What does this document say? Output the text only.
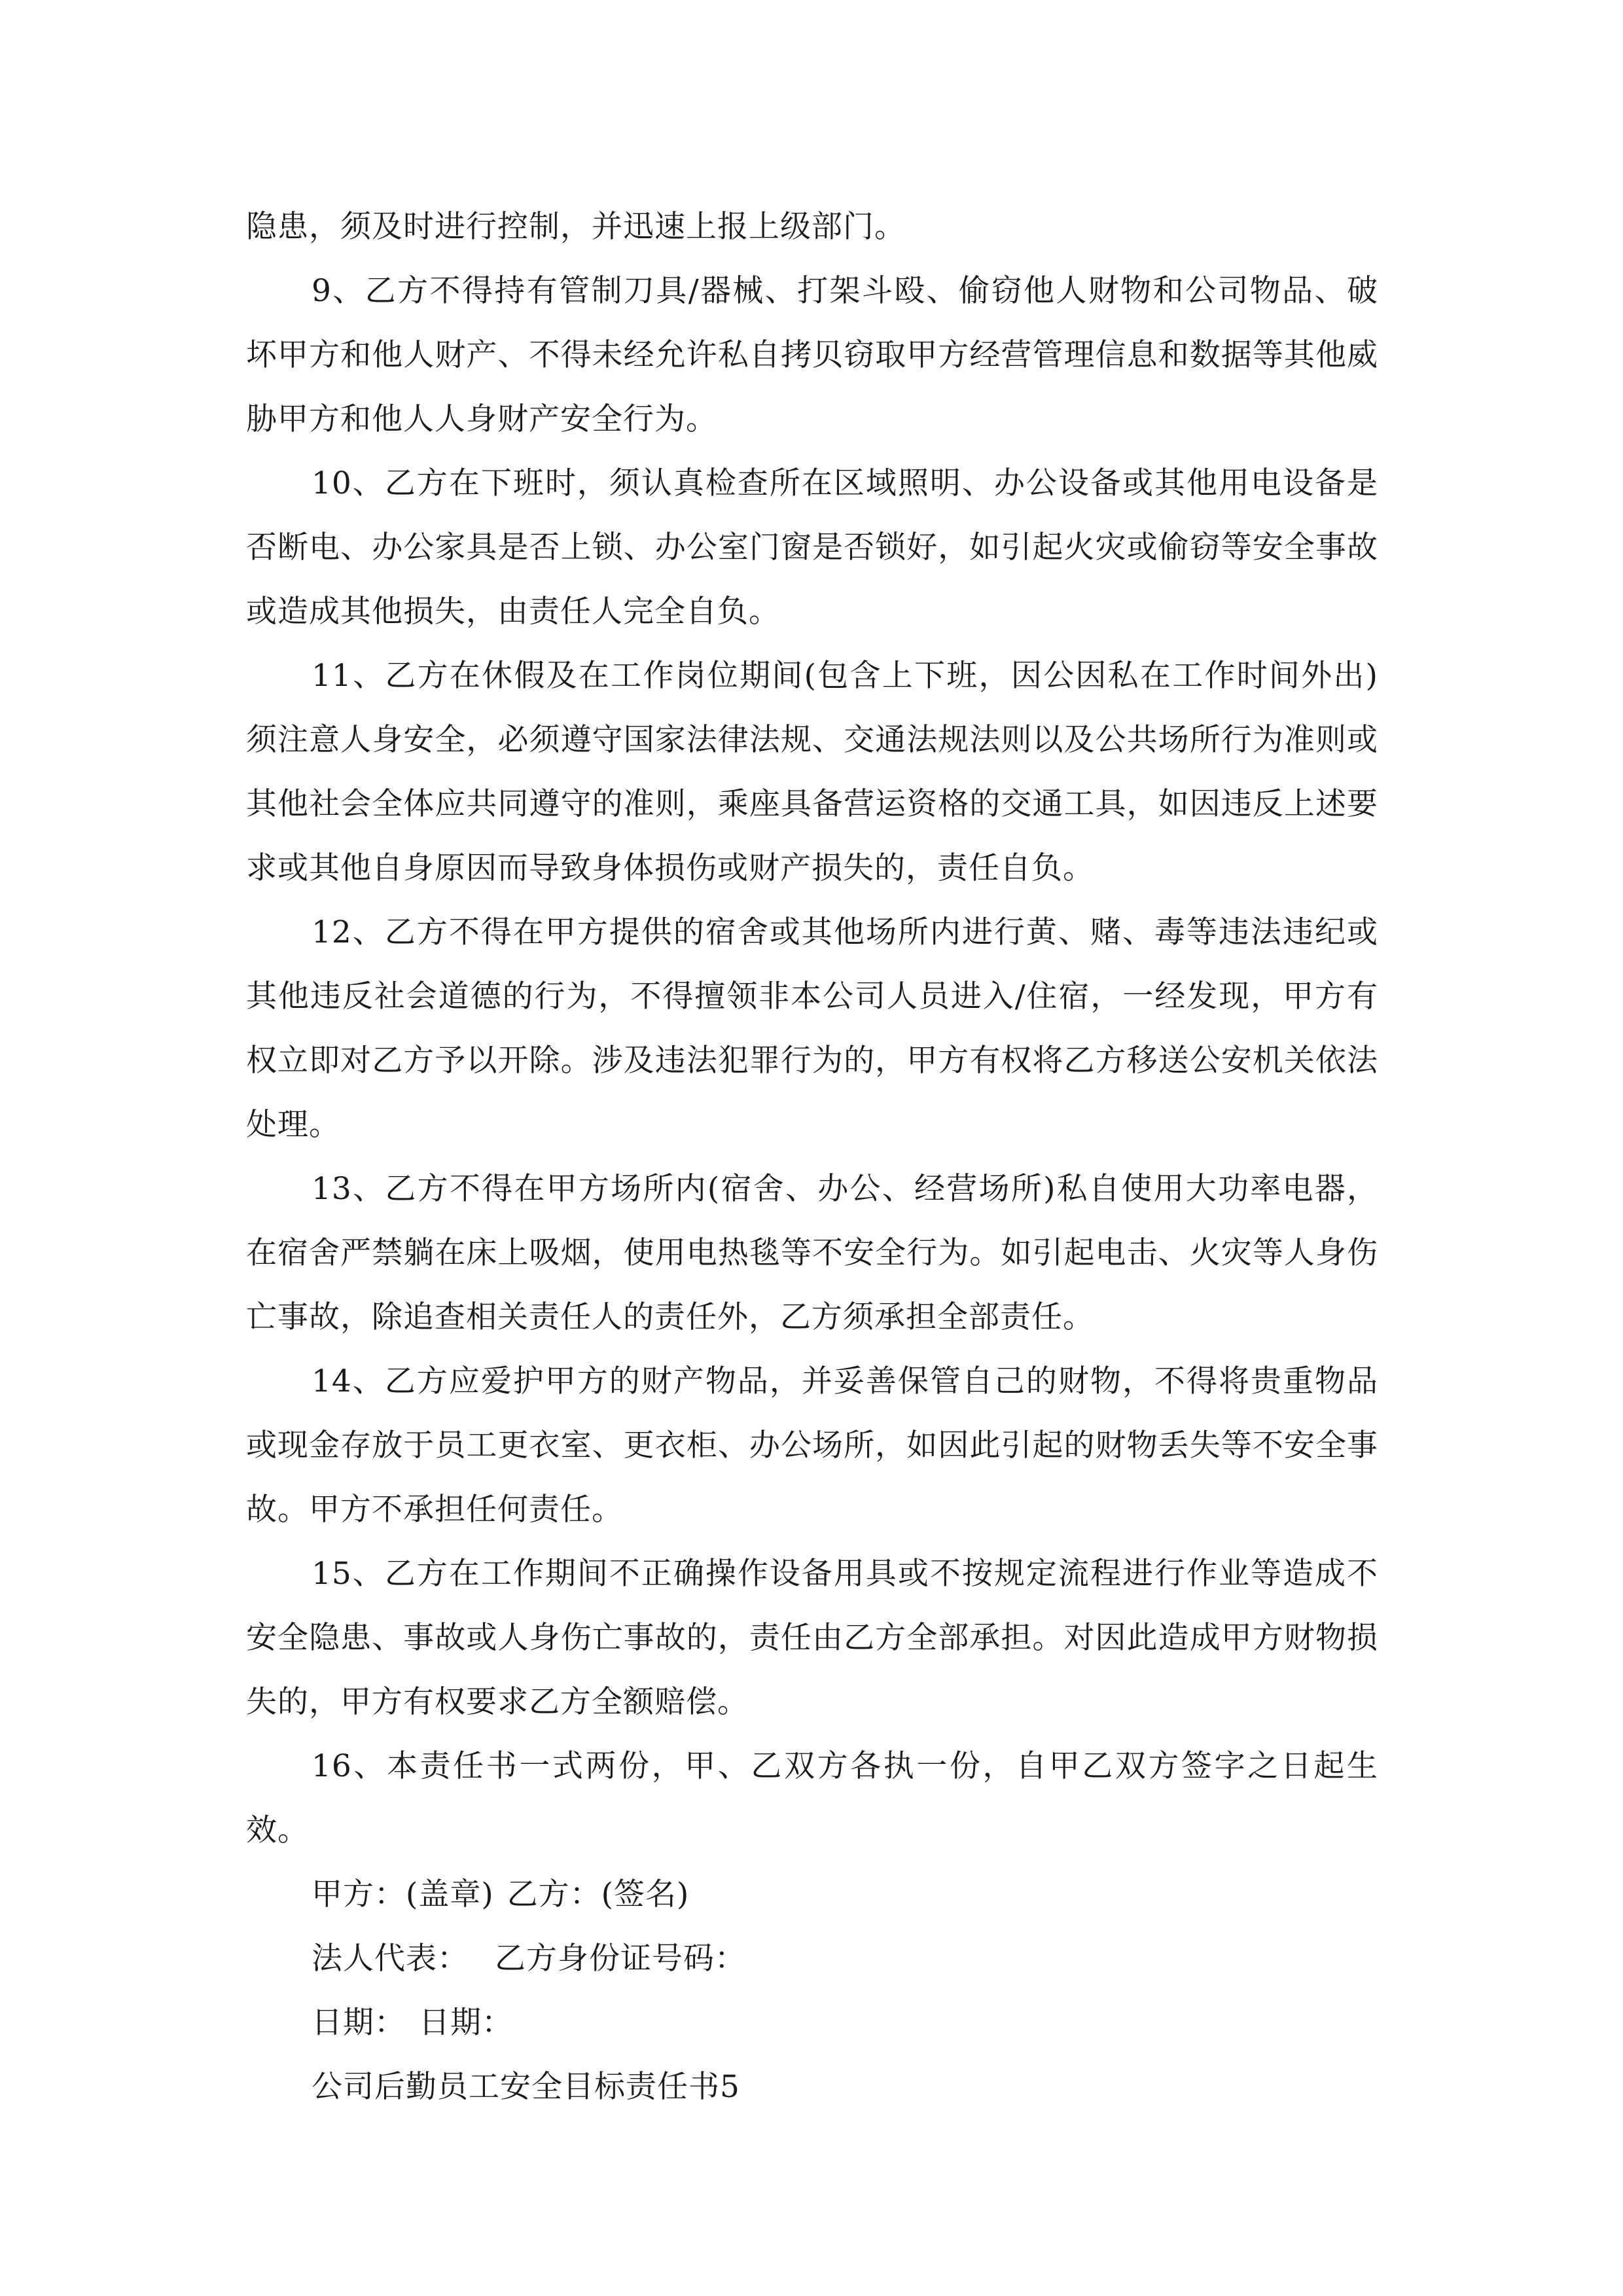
隐患，须及时进行控制，并迅速上报上级部门。

9、乙方不得持有管制刀具/器械、打架斗殴、偷窃他人财物和公司物品、破坏甲方和他人财产、不得未经允许私自拷贝窃取甲方经营管理信息和数据等其他威胁甲方和他人人身财产安全行为。

10、乙方在下班时，须认真检查所在区域照明、办公设备或其他用电设备是否断电、办公家具是否上锁、办公室门窗是否锁好，如引起火灾或偷窃等安全事故或造成其他损失，由责任人完全自负。

11、乙方在休假及在工作岗位期间(包含上下班，因公因私在工作时间外出)须注意人身安全，必须遵守国家法律法规、交通法规法则以及公共场所行为准则或其他社会全体应共同遵守的准则，乘座具备营运资格的交通工具，如因违反上述要求或其他自身原因而导致身体损伤或财产损失的，责任自负。

12、乙方不得在甲方提供的宿舍或其他场所内进行黄、赌、毒等违法违纪或其他违反社会道德的行为，不得擅领非本公司人员进入/住宿，一经发现，甲方有权立即对乙方予以开除。涉及违法犯罪行为的，甲方有权将乙方移送公安机关依法处理。

13、乙方不得在甲方场所内(宿舍、办公、经营场所)私自使用大功率电器，在宿舍严禁躺在床上吸烟，使用电热毯等不安全行为。如引起电击、火灾等人身伤亡事故，除追查相关责任人的责任外，乙方须承担全部责任。

14、乙方应爱护甲方的财产物品，并妥善保管自己的财物，不得将贵重物品或现金存放于员工更衣室、更衣柜、办公场所，如因此引起的财物丢失等不安全事故。甲方不承担任何责任。

15、乙方在工作期间不正确操作设备用具或不按规定流程进行作业等造成不安全隐患、事故或人身伤亡事故的，责任由乙方全部承担。对因此造成甲方财物损失的，甲方有权要求乙方全额赔偿。

16、本责任书一式两份，甲、乙双方各执一份，自甲乙双方签字之日起生效。

甲方：(盖章) 乙方：(签名)

法人代表： 乙方身份证号码：

日期： 日期：

公司后勤员工安全目标责任书5
